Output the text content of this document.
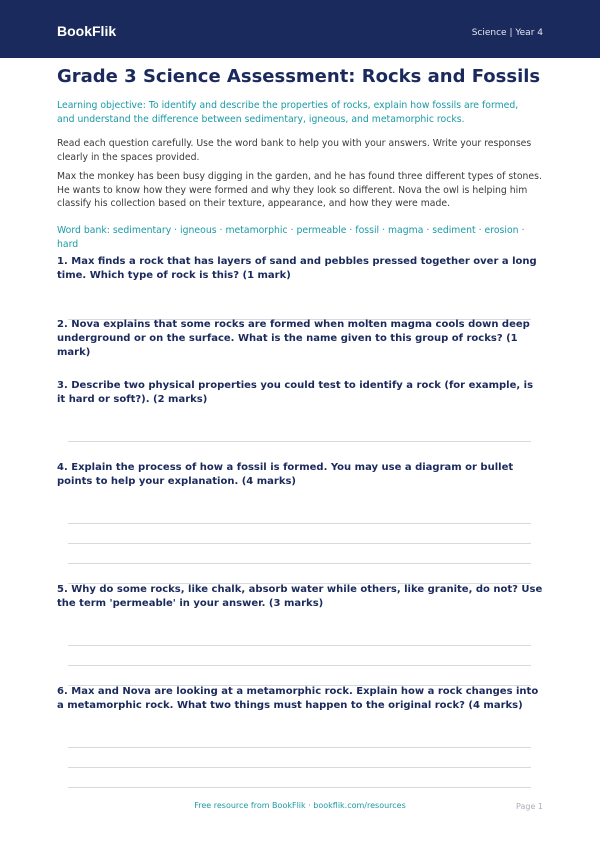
BookFlik	Science | Year 4
Grade 3 Science Assessment: Rocks and Fossils

Learning objective: To identify and describe the properties of rocks, explain how fossils are formed, and understand the difference between sedimentary, igneous, and metamorphic rocks.

Read each question carefully. Use the word bank to help you with your answers. Write your responses clearly in the spaces provided.

Max the monkey has been busy digging in the garden, and he has found three different types of stones. He wants to know how they were formed and why they look so different. Nova the owl is helping him classify his collection based on their texture, appearance, and how they were made.

Word bank: sedimentary · igneous · metamorphic · permeable · fossil · magma · sediment · erosion · hard

1. Max finds a rock that has layers of sand and pebbles pressed together over a long time. Which type of rock is this? (1 mark)

2. Nova explains that some rocks are formed when molten magma cools down deep underground or on the surface. What is the name given to this group of rocks? (1 mark)

3. Describe two physical properties you could test to identify a rock (for example, is it hard or soft?). (2 marks)

4. Explain the process of how a fossil is formed. You may use a diagram or bullet points to help your explanation. (4 marks)

5. Why do some rocks, like chalk, absorb water while others, like granite, do not? Use the term 'permeable' in your answer. (3 marks)

6. Max and Nova are looking at a metamorphic rock. Explain how a rock changes into a metamorphic rock. What two things must happen to the original rock? (4 marks)

Free resource from BookFlik · bookflik.com/resources	Page 1
